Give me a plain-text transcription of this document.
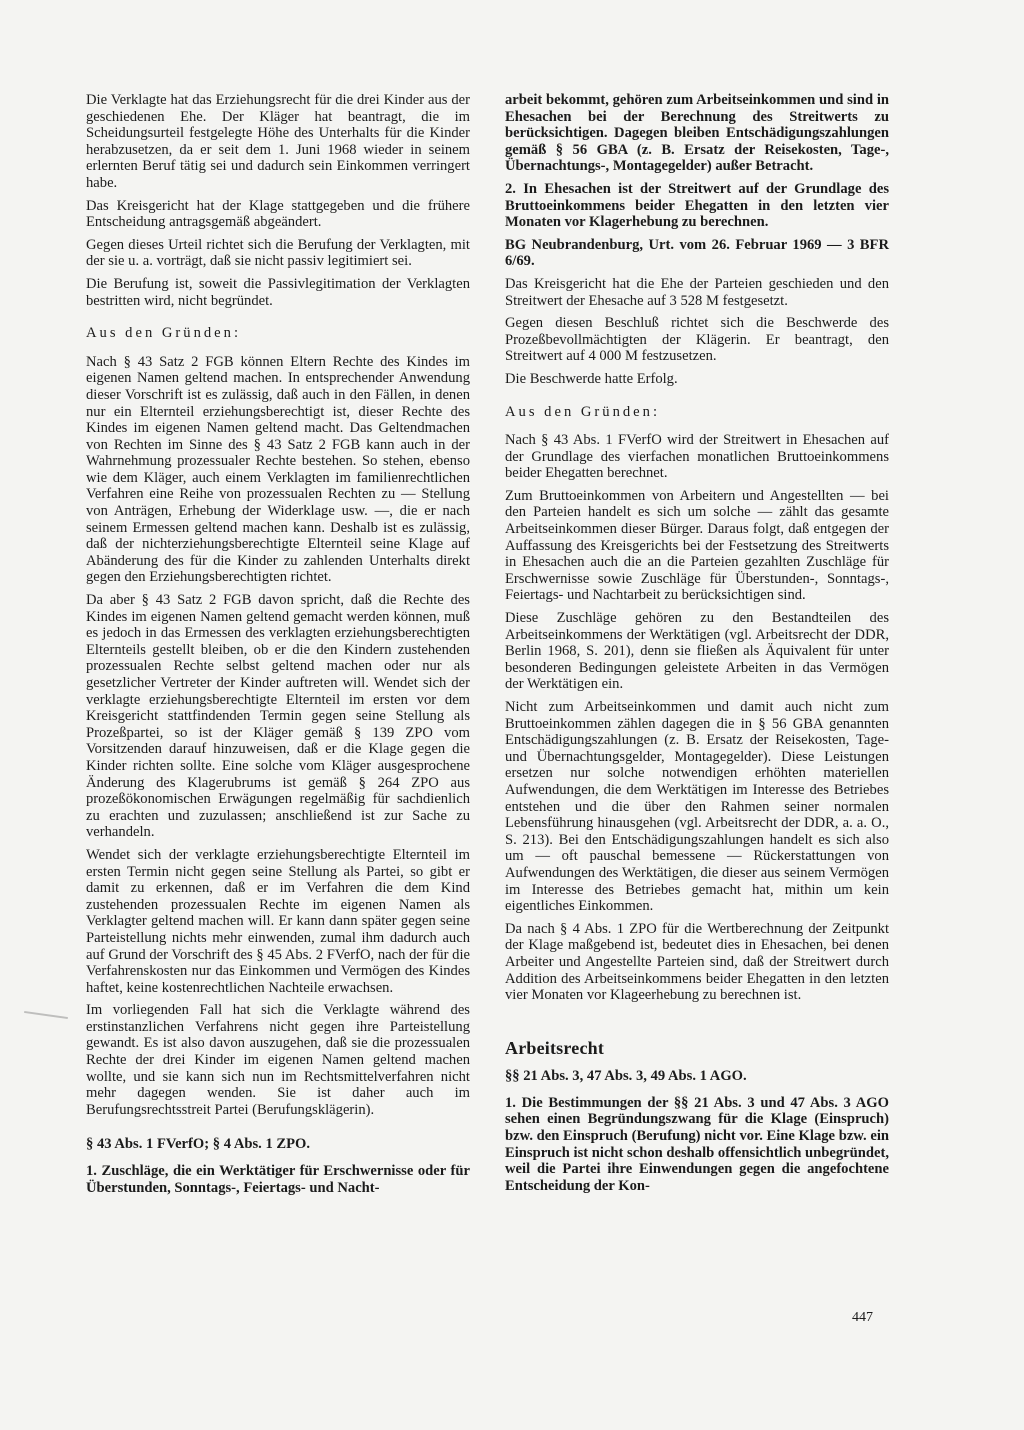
Die Verklagte hat das Erziehungsrecht für die drei Kinder aus der geschiedenen Ehe. Der Kläger hat beantragt, die im Scheidungsurteil festgelegte Höhe des Unterhalts für die Kinder herabzusetzen, da er seit dem 1. Juni 1968 wieder in seinem erlernten Beruf tätig sei und dadurch sein Einkommen verringert habe.

Das Kreisgericht hat der Klage stattgegeben und die frühere Entscheidung antragsgemäß abgeändert.

Gegen dieses Urteil richtet sich die Berufung der Verklagten, mit der sie u. a. vorträgt, daß sie nicht passiv legitimiert sei.

Die Berufung ist, soweit die Passivlegitimation der Verklagten bestritten wird, nicht begründet.

Aus den Gründen:

Nach § 43 Satz 2 FGB können Eltern Rechte des Kindes im eigenen Namen geltend machen. In entsprechender Anwendung dieser Vorschrift ist es zulässig, daß auch in den Fällen, in denen nur ein Elternteil erziehungsberechtigt ist, dieser Rechte des Kindes im eigenen Namen geltend macht. Das Geltendmachen von Rechten im Sinne des § 43 Satz 2 FGB kann auch in der Wahrnehmung prozessualer Rechte bestehen. So stehen, ebenso wie dem Kläger, auch einem Verklagten im familienrechtlichen Verfahren eine Reihe von prozessualen Rechten zu — Stellung von Anträgen, Erhebung der Widerklage usw. —, die er nach seinem Ermessen geltend machen kann. Deshalb ist es zulässig, daß der nichterziehungsberechtigte Elternteil seine Klage auf Abänderung des für die Kinder zu zahlenden Unterhalts direkt gegen den Erziehungsberechtigten richtet.

Da aber § 43 Satz 2 FGB davon spricht, daß die Rechte des Kindes im eigenen Namen geltend gemacht werden können, muß es jedoch in das Ermessen des verklagten erziehungsberechtigten Elternteils gestellt bleiben, ob er die den Kindern zustehenden prozessualen Rechte selbst geltend machen oder nur als gesetzlicher Vertreter der Kinder auftreten will. Wendet sich der verklagte erziehungsberechtigte Elternteil im ersten vor dem Kreisgericht stattfindenden Termin gegen seine Stellung als Prozeßpartei, so ist der Kläger gemäß § 139 ZPO vom Vorsitzenden darauf hinzuweisen, daß er die Klage gegen die Kinder richten sollte. Eine solche vom Kläger ausgesprochene Änderung des Klagerubrums ist gemäß § 264 ZPO aus prozeßökonomischen Erwägungen regelmäßig für sachdienlich zu erachten und zuzulassen; anschließend ist zur Sache zu verhandeln.

Wendet sich der verklagte erziehungsberechtigte Elternteil im ersten Termin nicht gegen seine Stellung als Partei, so gibt er damit zu erkennen, daß er im Verfahren die dem Kind zustehenden prozessualen Rechte im eigenen Namen als Verklagter geltend machen will. Er kann dann später gegen seine Parteistellung nichts mehr einwenden, zumal ihm dadurch auch auf Grund der Vorschrift des § 45 Abs. 2 FVerfO, nach der für die Verfahrenskosten nur das Einkommen und Vermögen des Kindes haftet, keine kostenrechtlichen Nachteile erwachsen.

Im vorliegenden Fall hat sich die Verklagte während des erstinstanzlichen Verfahrens nicht gegen ihre Parteistellung gewandt. Es ist also davon auszugehen, daß sie die prozessualen Rechte der drei Kinder im eigenen Namen geltend machen wollte, und sie kann sich nun im Rechtsmittelverfahren nicht mehr dagegen wenden. Sie ist daher auch im Berufungsrechtsstreit Partei (Berufungsklägerin).

§ 43 Abs. 1 FVerfO; § 4 Abs. 1 ZPO.

1. Zuschläge, die ein Werktätiger für Erschwernisse oder für Überstunden, Sonntags-, Feiertags- und Nacht-

arbeit bekommt, gehören zum Arbeitseinkommen und sind in Ehesachen bei der Berechnung des Streitwerts zu berücksichtigen. Dagegen bleiben Entschädigungszahlungen gemäß § 56 GBA (z. B. Ersatz der Reisekosten, Tage-, Übernachtungs-, Montagegelder) außer Betracht.

2. In Ehesachen ist der Streitwert auf der Grundlage des Bruttoeinkommens beider Ehegatten in den letzten vier Monaten vor Klagerhebung zu berechnen.

BG Neubrandenburg, Urt. vom 26. Februar 1969 — 3 BFR 6/69.

Das Kreisgericht hat die Ehe der Parteien geschieden und den Streitwert der Ehesache auf 3 528 M festgesetzt.

Gegen diesen Beschluß richtet sich die Beschwerde des Prozeßbevollmächtigten der Klägerin. Er beantragt, den Streitwert auf 4 000 M festzusetzen.

Die Beschwerde hatte Erfolg.

Aus den Gründen:

Nach § 43 Abs. 1 FVerfO wird der Streitwert in Ehesachen auf der Grundlage des vierfachen monatlichen Bruttoeinkommens beider Ehegatten berechnet.

Zum Bruttoeinkommen von Arbeitern und Angestellten — bei den Parteien handelt es sich um solche — zählt das gesamte Arbeitseinkommen dieser Bürger. Daraus folgt, daß entgegen der Auffassung des Kreisgerichts bei der Festsetzung des Streitwerts in Ehesachen auch die an die Parteien gezahlten Zuschläge für Erschwernisse sowie Zuschläge für Überstunden-, Sonntags-, Feiertags- und Nachtarbeit zu berücksichtigen sind.

Diese Zuschläge gehören zu den Bestandteilen des Arbeitseinkommens der Werktätigen (vgl. Arbeitsrecht der DDR, Berlin 1968, S. 201), denn sie fließen als Äquivalent für unter besonderen Bedingungen geleistete Arbeiten in das Vermögen der Werktätigen ein.

Nicht zum Arbeitseinkommen und damit auch nicht zum Bruttoeinkommen zählen dagegen die in § 56 GBA genannten Entschädigungszahlungen (z. B. Ersatz der Reisekosten, Tage- und Übernachtungsgelder, Montagegelder). Diese Leistungen ersetzen nur solche notwendigen erhöhten materiellen Aufwendungen, die dem Werktätigen im Interesse des Betriebes entstehen und die über den Rahmen seiner normalen Lebensführung hinausgehen (vgl. Arbeitsrecht der DDR, a. a. O., S. 213). Bei den Entschädigungszahlungen handelt es sich also um — oft pauschal bemessene — Rückerstattungen von Aufwendungen des Werktätigen, die dieser aus seinem Vermögen im Interesse des Betriebes gemacht hat, mithin um kein eigentliches Einkommen.

Da nach § 4 Abs. 1 ZPO für die Wertberechnung der Zeitpunkt der Klage maßgebend ist, bedeutet dies in Ehesachen, bei denen Arbeiter und Angestellte Parteien sind, daß der Streitwert durch Addition des Arbeitseinkommens beider Ehegatten in den letzten vier Monaten vor Klageerhebung zu berechnen ist.

Arbeitsrecht

§§ 21 Abs. 3, 47 Abs. 3, 49 Abs. 1 AGO.

1. Die Bestimmungen der §§ 21 Abs. 3 und 47 Abs. 3 AGO sehen einen Begründungszwang für die Klage (Einspruch) bzw. den Einspruch (Berufung) nicht vor. Eine Klage bzw. ein Einspruch ist nicht schon deshalb offensichtlich unbegründet, weil die Partei ihre Einwendungen gegen die angefochtene Entscheidung der Kon-

447
